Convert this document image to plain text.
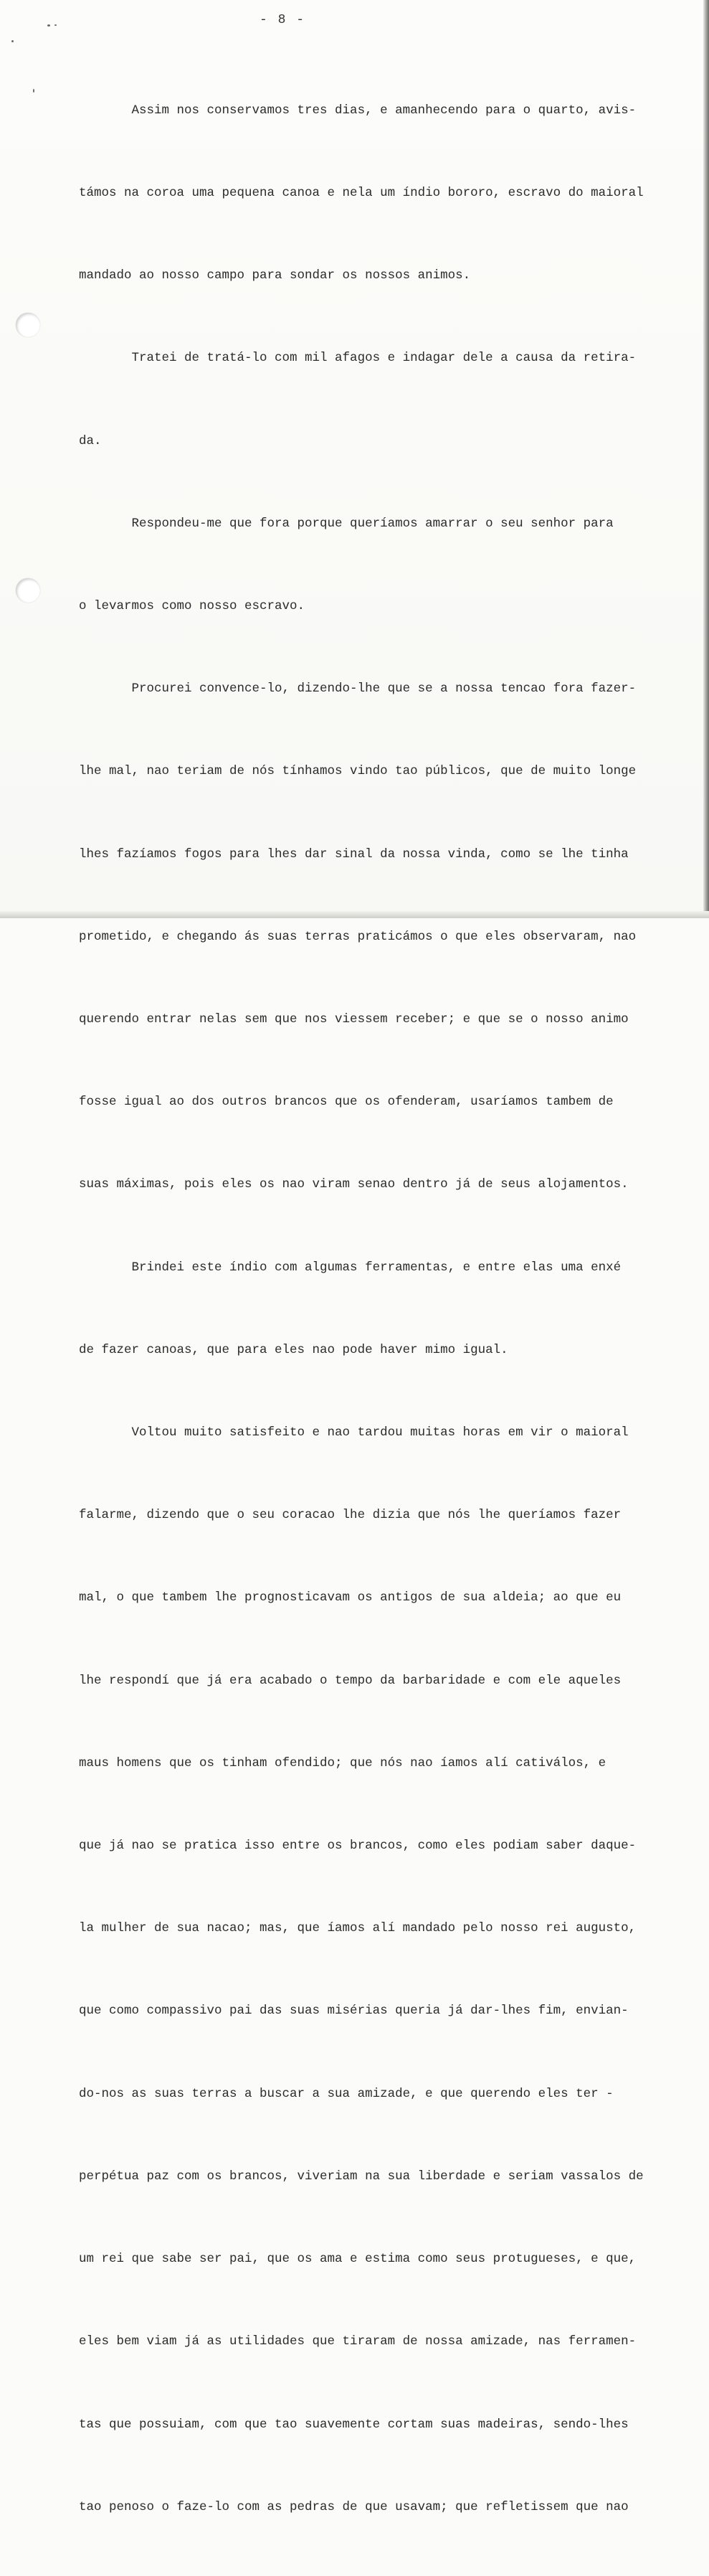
- 8 -

Assim nos conservamos tres dias, e amanhecendo para o quarto, avis-

támos na coroa uma pequena canoa e nela um índio bororo, escravo do maioral

mandado ao nosso campo para sondar os nossos animos.

Tratei de tratá-lo com mil afagos e indagar dele a causa da retira-

da.

Respondeu-me que fora porque queríamos amarrar o seu senhor para

o levarmos como nosso escravo.

Procurei convence-lo, dizendo-lhe que se a nossa tencao fora fazer-

lhe mal, nao teriam de nós tínhamos vindo tao públicos, que de muito longe

lhes fazíamos fogos para lhes dar sinal da nossa vinda, como se lhe tinha

prometido, e chegando ás suas terras praticámos o que eles observaram, nao

querendo entrar nelas sem que nos viessem receber; e que se o nosso animo

fosse igual ao dos outros brancos que os ofenderam, usaríamos tambem de

suas máximas, pois eles os nao viram senao dentro já de seus alojamentos.

Brindei este índio com algumas ferramentas, e entre elas uma enxé

de fazer canoas, que para eles nao pode haver mimo igual.

Voltou muito satisfeito e nao tardou muitas horas em vir o maioral

falarme, dizendo que o seu coracao lhe dizia que nós lhe queríamos fazer

mal, o que tambem lhe prognosticavam os antigos de sua aldeia; ao que eu

lhe respondí que já era acabado o tempo da barbaridade e com ele aqueles

maus homens que os tinham ofendido; que nós nao íamos alí cativálos, e

que já nao se pratica isso entre os brancos, como eles podiam saber daque-

la mulher de sua nacao; mas, que íamos alí mandado pelo nosso rei augusto,

que como compassivo pai das suas misérias queria já dar-lhes fim, envian-

do-nos as suas terras a buscar a sua amizade, e que querendo eles ter -

perpétua paz com os brancos, viveriam na sua liberdade e seriam vassalos de

um rei que sabe ser pai, que os ama e estima como seus protugueses, e que,

eles bem viam já as utilidades que tiraram de nossa amizade, nas ferramen-

tas que possuiam, com que tao suavemente cortam suas madeiras, sendo-lhes

tao penoso o faze-lo com as pedras de que usavam; que refletissem que nao
